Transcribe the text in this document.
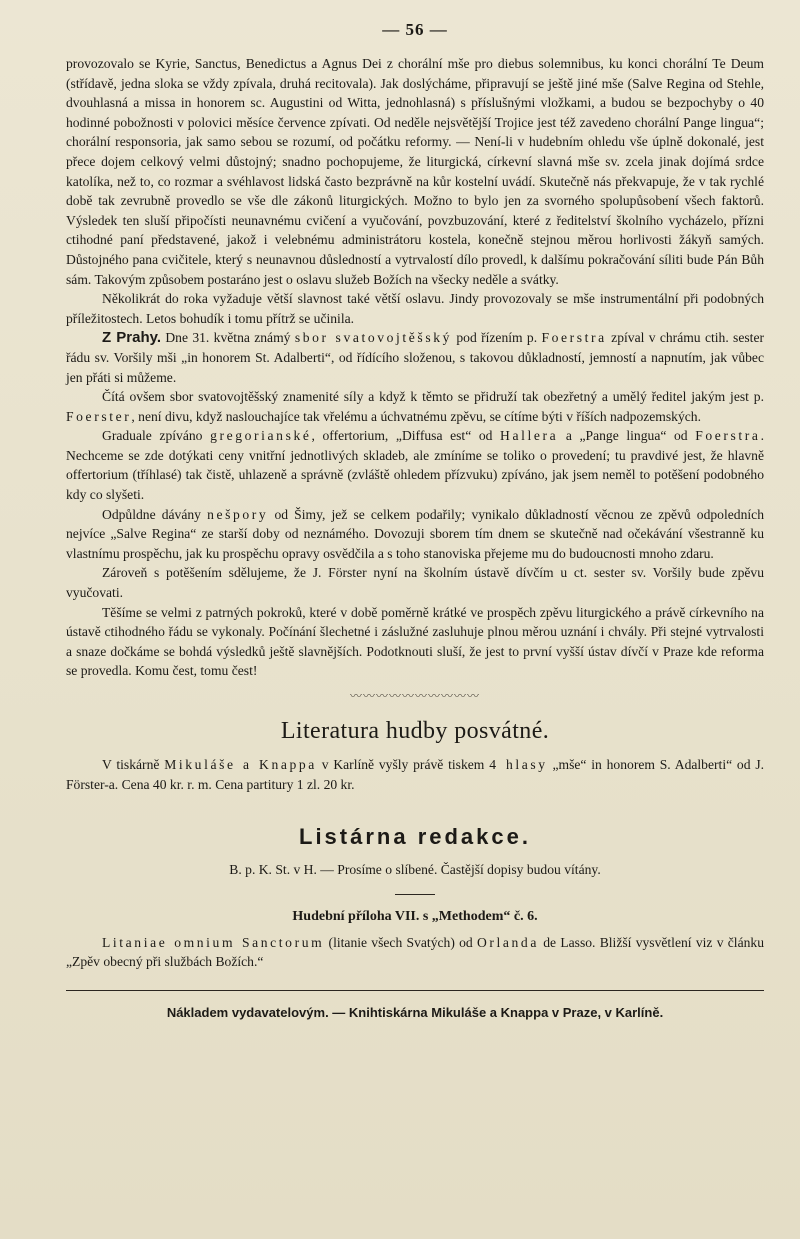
— 56 —

provozovalo se Kyrie, Sanctus, Benedictus a Agnus Dei z chorální mše pro diebus solemnibus, ku konci chorální Te Deum (střídavě, jedna sloka se vždy zpívala, druhá recitovala). Jak doslýcháme, připravují se ještě jiné mše (Salve Regina od Stehle, dvouhlasná a missa in honorem sc. Augustini od Witta, jednohlasná) s příslušnými vložkami, a budou se bezpochyby o 40 hodinné pobožnosti v polovici měsíce července zpívati. Od neděle nejsvětější Trojice jest též zavedeno chorální Pange lingua“; chorální responsoria, jak samo sebou se rozumí, od počátku reformy. — Není-li v hudebním ohledu vše úplně dokonalé, jest přece dojem celkový velmi důstojný; snadno pochopujeme, že liturgická, církevní slavná mše sv. zcela jinak dojímá srdce katolíka, než to, co rozmar a svéhlavost lidská často bezprávně na kůr kostelní uvádí. Skutečně nás překvapuje, že v tak rychlé době tak zevrubně provedlo se vše dle zákonů liturgických. Možno to bylo jen za svorného spolupůsobení všech faktorů. Výsledek ten sluší připočísti neunavnému cvičení a vyučování, povzbuzování, které z ředitelství školního vycházelo, přízni ctihodné paní představené, jakož i velebnému administrátoru kostela, konečně stejnou měrou horlivosti žákyň samých. Důstojného pana cvičitele, který s neunavnou důsledností a vytrvalostí dílo provedl, k dalšímu pokračování síliti bude Pán Bůh sám. Takovým způsobem postaráno jest o oslavu služeb Božích na všecky neděle a svátky.

Několikrát do roka vyžaduje větší slavnost také větší oslavu. Jindy provozovaly se mše instrumentální při podobných příležitostech. Letos bohudík i tomu přítrž se učinila.

Z Prahy. Dne 31. května známý sbor svatovojtěšský pod řízením p. Foerstra zpíval v chrámu ctih. sester řádu sv. Voršily mši „in honorem St. Adalberti“, od řídícího složenou, s takovou důkladností, jemností a napnutím, jak vůbec jen přáti si můžeme.

Čítá ovšem sbor svatovojtěšský znamenité síly a když k těmto se přidruží tak obezřetný a umělý ředitel jakým jest p. Foerster, není divu, když naslouchajíce tak vřelému a úchvatnému zpěvu, se cítíme býti v říších nadpozemských.

Graduale zpíváno gregorianské, offertorium, „Diffusa est“ od Hallera a „Pange lingua“ od Foerstra. Nechceme se zde dotýkati ceny vnitřní jednotlivých skladeb, ale zmíníme se toliko o provedení; tu pravdivé jest, že hlavně offertorium (tříhlasé) tak čistě, uhlazeně a správně (zvláště ohledem přízvuku) zpíváno, jak jsem neměl to potěšení podobného kdy co slyšeti.

Odpůldne dávány nešpory od Šimy, jež se celkem podařily; vynikalo důkladností věcnou ze zpěvů odpoledních nejvíce „Salve Regina“ ze starší doby od neznámého. Dovozuji sborem tím dnem se skutečně nad očekávání všestranně ku vlastnímu prospěchu, jak ku prospěchu opravy osvědčila a s toho stanoviska přejeme mu do budoucnosti mnoho zdaru.

Zároveň s potěšením sdělujeme, že J. Förster nyní na školním ústavě dívčím u ct. sester sv. Voršily bude zpěvu vyučovati.

Těšíme se velmi z patrných pokroků, které v době poměrně krátké ve prospěch zpěvu liturgického a právě církevního na ústavě ctihodného řádu se vykonaly. Počínání šlechetné i záslužné zasluhuje plnou měrou uznání i chvály. Při stejné vytrvalosti a snaze dočkáme se bohdá výsledků ještě slavnějších. Podotknouti sluší, že jest to první vyšší ústav dívčí v Praze kde reforma se provedla. Komu čest, tomu čest!

〰〰〰〰〰〰〰〰〰〰
Literatura hudby posvátné.

V tiskárně Mikuláše a Knappa v Karlíně vyšly právě tiskem 4 hlasy „mše“ in honorem S. Adalberti“ od J. Förster-a. Cena 40 kr. r. m. Cena partitury 1 zl. 20 kr.

Listárna redakce.
B. p. K. St. v H. — Prosíme o slíbené. Častější dopisy budou vítány.
Hudební příloha VII. s „Methodem“ č. 6.

Litaniae omnium Sanctorum (litanie všech Svatých) od Orlanda de Lasso. Bližší vysvětlení viz v článku „Zpěv obecný při službách Božích.“

Nákladem vydavatelovým. — Knihtiskárna Mikuláše a Knappa v Praze, v Karlíně.
